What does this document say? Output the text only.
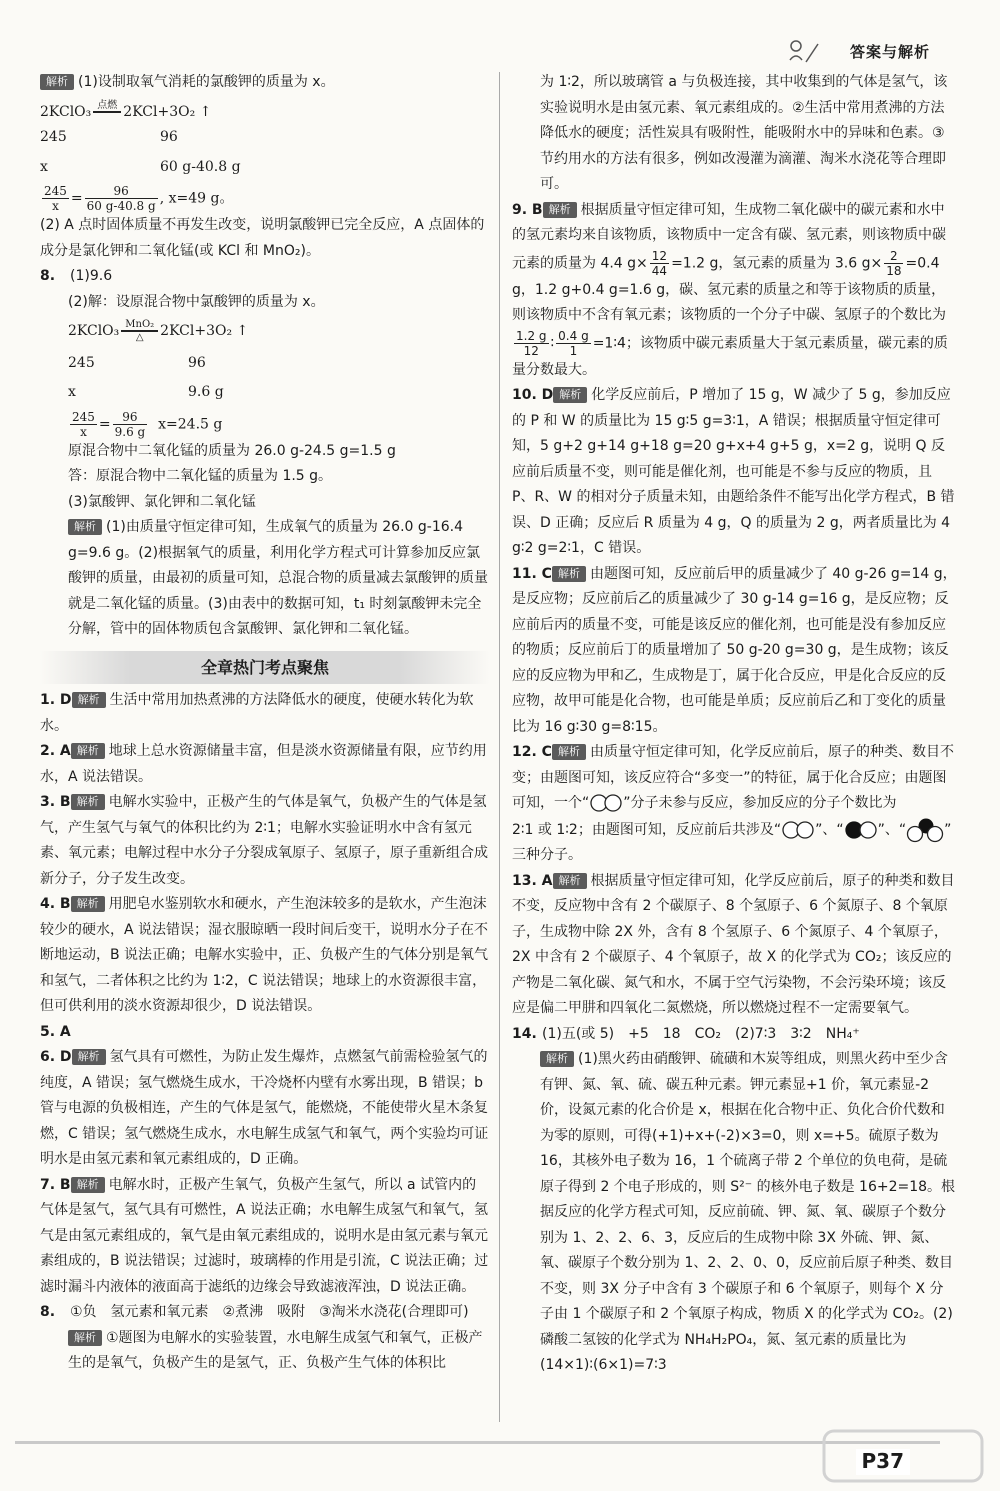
答案与解析

解析 (1)设制取氧气消耗的氯酸钾的质量为 x。

2KClO₃ 点燃 2KCl+3O₂ ↑

245	96
x	60 g-40.8 g

$\frac{245}{x} = \frac{96}{60 g-40.8 g}$ , x=49 g。

(2) A 点时固体质量不再发生改变，说明氯酸钾已完全反应，A 点固体的成分是氯化钾和二氧化锰(或 KCl 和 MnO₂)。

8. (1)9.6

(2)解：设原混合物中氯酸钾的质量为 x。

2KClO₃ MnO₂
△	2KCl+3O₂ ↑

245	96
x	9.6 g

$\frac{245}{x} = \frac{96}{9.6 g} x=24.5$ g

原混合物中二氧化锰的质量为 26.0 g-24.5 g=1.5 g

答：原混合物中二氧化锰的质量为 1.5 g。

(3)氯酸钾、氯化钾和二氧化锰

解析 (1)由质量守恒定律可知，生成氧气的质量为 26.0 g-16.4 g=9.6 g。(2)根据氧气的质量，利用化学方程式可计算参加反应氯酸钾的质量，由最初的质量可知，总混合物的质量减去氯酸钾的质量就是二氧化锰的质量。(3)由表中的数据可知，t₁ 时刻氯酸钾未完全分解，管中的固体物质包含氯酸钾、氯化钾和二氧化锰。

全章热门考点聚焦

1. D 解析 生活中常用加热煮沸的方法降低水的硬度，使硬水转化为软水。

2. A 解析 地球上总水资源储量丰富，但是淡水资源储量有限，应节约用水，A 说法错误。

3. B 解析 电解水实验中，正极产生的气体是氧气，负极产生的气体是氢气，产生氢气与氧气的体积比约为 2∶1；电解水实验证明水中含有氢元素、氧元素；电解过程中水分子分裂成氧原子、氢原子，原子重新组合成新分子，分子发生改变。

4. B 解析 用肥皂水鉴别软水和硬水，产生泡沫较多的是软水，产生泡沫较少的硬水，A 说法错误；湿衣服晾晒一段时间后变干，说明水分子在不断地运动，B 说法正确；电解水实验中，正、负极产生的气体分别是氧气和氢气，二者体积之比约为 1∶2，C 说法错误；地球上的水资源很丰富，但可供利用的淡水资源却很少，D 说法错误。

5. A

6. D 解析 氢气具有可燃性，为防止发生爆炸，点燃氢气前需检验氢气的纯度，A 错误；氢气燃烧生成水，干冷烧杯内壁有水雾出现，B 错误；b 管与电源的负极相连，产生的气体是氢气，能燃烧，不能使带火星木条复燃，C 错误；氢气燃烧生成水，水电解生成氢气和氧气，两个实验均可证明水是由氢元素和氧元素组成的，D 正确。

7. B 解析 电解水时，正极产生氧气，负极产生氢气，所以 a 试管内的气体是氢气，氢气具有可燃性，A 说法正确；水电解生成氢气和氧气，氢气是由氢元素组成的，氧气是由氧元素组成的，说明水是由氢元素与氧元素组成的，B 说法错误；过滤时，玻璃棒的作用是引流，C 说法正确；过滤时漏斗内液体的液面高于滤纸的边缘会导致滤液浑浊，D 说法正确。

8. ①负　氢元素和氧元素　②煮沸　吸附　③淘米水浇花(合理即可)

解析 ①题图为电解水的实验装置，水电解生成氢气和氧气，正极产生的是氧气，负极产生的是氢气，正、负极产生气体的体积比

为 1∶2，所以玻璃管 a 与负极连接，其中收集到的气体是氢气，该实验说明水是由氢元素、氧元素组成的。②生活中常用煮沸的方法降低水的硬度；活性炭具有吸附性，能吸附水中的异味和色素。③节约用水的方法有很多，例如改漫灌为滴灌、淘米水浇花等合理即可。

9. B 解析 根据质量守恒定律可知，生成物二氧化碳中的碳元素和水中的氢元素均来自该物质，该物质中一定含有碳、氢元素，则该物质中碳元素的质量为 4.4 $g\times \frac{12}{44} =1.2$ g，氢元素的质量为 3.6 $g\times \frac{2}{18} =0.4$ g，1.2 g+0.4 g=1.6 g，碳、氢元素的质量之和等于该物质的质量，则该物质中不含有氧元素；该物质的一个分子中碳、氢原子的个数比为
$\frac{1.2 g}{12}$ ∶ $\frac{0.4 g}{1}$ =1∶4；该物质中碳元素质量大于氢元素质量，碳元素的质量分数最大。

10. D 解析 化学反应前后，P 增加了 15 g，W 减少了 5 g，参加反应的 P 和 W 的质量比为 15 g∶5 g=3∶1，A 错误；根据质量守恒定律可知，5 g+2 g+14 g+18 g=20 g+x+4 g+5 g，x=2 g，说明 Q 反应前后质量不变，则可能是催化剂，也可能是不参与反应的物质，且 P、R、W 的相对分子质量未知，由题给条件不能写出化学方程式，B 错误、D 正确；反应后 R 质量为 4 g，Q 的质量为 2 g，两者质量比为 4 g∶2 g=2∶1，C 错误。

11. C 解析 由题图可知，反应前后甲的质量减少了 40 g-26 g=14 g，是反应物；反应前后乙的质量减少了 30 g-14 g=16 g，是反应物；反应前后丙的质量不变，可能是该反应的催化剂，也可能是没有参加反应的物质；反应前后丁的质量增加了 50 g-20 g=30 g，是生成物；该反应的反应物为甲和乙，生成物是丁，属于化合反应，甲是化合反应的反应物，故甲可能是化合物，也可能是单质；反应前后乙和丁变化的质量比为 16 g∶30 g=8∶15。

12. C 解析 由质量守恒定律可知，化学反应前后，原子的种类、数目不变；由题图可知，该反应符合“多变一”的特征，属于化合反应；由题图可知，一个“ ”分子未参与反应，参加反应的分子个数比为
2∶1 或 1∶2；由题图可知，反应前后共涉及“ ”、“ ”、“	”
三种分子。

13. A 解析 根据质量守恒定律可知，化学反应前后，原子的种类和数目不变，反应物中含有 2 个碳原子、8 个氢原子、6 个氮原子、8 个氧原子，生成物中除 2X 外，含有 8 个氢原子、6 个氮原子、4 个氧原子，2X 中含有 2 个碳原子、4 个氧原子，故 X 的化学式为 CO₂；该反应的产物是二氧化碳、氮气和水，不属于空气污染物，不会污染环境；该反应是偏二甲肼和四氧化二氮燃烧，所以燃烧过程不一定需要氧气。

14. (1)五(或 5)　+5　18　CO₂　(2)7∶3　3∶2　NH₄⁺

解析 (1)黑火药由硝酸钾、硫磺和木炭等组成，则黑火药中至少含有钾、氮、氧、硫、碳五种元素。钾元素显+1 价，氧元素显-2 价，设氮元素的化合价是 x，根据在化合物中正、负化合价代数和为零的原则，可得(+1)+x+(-2)×3=0，则 x=+5。硫原子数为 16，其核外电子数为 16，1 个硫离子带 2 个单位的负电荷，是硫原子得到 2 个电子形成的，则 S²⁻ 的核外电子数是 16+2=18。根据反应的化学方程式可知，反应前硫、钾、氮、氧、碳原子个数分别为 1、2、2、6、3，反应后的生成物中除 3X 外硫、钾、氮、氧、碳原子个数分别为 1、2、2、0、0，反应前后原子种类、数目不变，则 3X 分子中含有 3 个碳原子和 6 个氧原子，则每个 X 分子由 1 个碳原子和 2 个氧原子构成，物质 X 的化学式为 CO₂。(2)磷酸二氢铵的化学式为 NH₄H₂PO₄，氮、氢元素的质量比为(14×1)∶(6×1)=7∶3

P37
